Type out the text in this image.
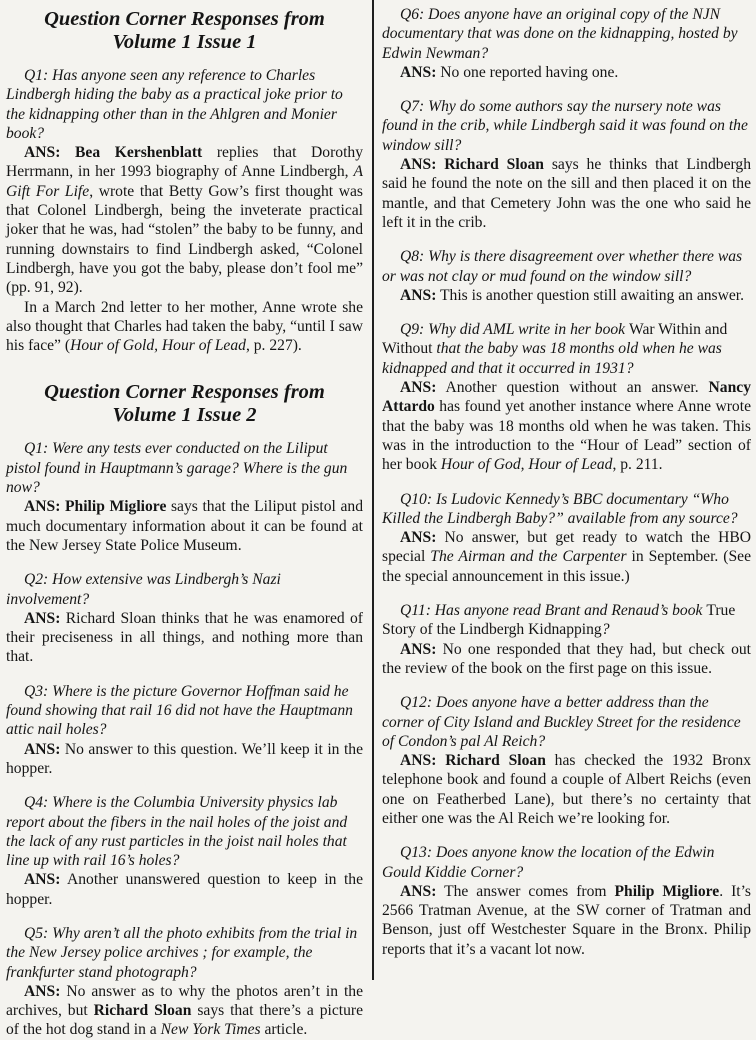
Question Corner Responses from
Volume 1 Issue 1

Q1: Has anyone seen any reference to Charles Lindbergh hiding the baby as a practical joke prior to the kidnapping other than in the Ahlgren and Monier book?

ANS: Bea Kershenblatt replies that Dorothy Herrmann, in her 1993 biography of Anne Lindbergh, A Gift For Life, wrote that Betty Gow’s first thought was that Colonel Lindbergh, being the inveterate practical joker that he was, had “stolen” the baby to be funny, and running downstairs to find Lindbergh asked, “Colonel Lindbergh, have you got the baby, please don’t fool me” (pp. 91, 92).

In a March 2nd letter to her mother, Anne wrote she also thought that Charles had taken the baby, “until I saw his face” (Hour of Gold, Hour of Lead, p. 227).

Question Corner Responses from
Volume 1 Issue 2

Q1: Were any tests ever conducted on the Liliput pistol found in Hauptmann’s garage? Where is the gun now?

ANS: Philip Migliore says that the Liliput pistol and much documentary information about it can be found at the New Jersey State Police Museum.

Q2: How extensive was Lindbergh’s Nazi involvement?

ANS: Richard Sloan thinks that he was enamored of their preciseness in all things, and nothing more than that.

Q3: Where is the picture Governor Hoffman said he found showing that rail 16 did not have the Hauptmann attic nail holes?

ANS: No answer to this question. We’ll keep it in the hopper.

Q4: Where is the Columbia University physics lab report about the fibers in the nail holes of the joist and the lack of any rust particles in the joist nail holes that line up with rail 16’s holes?

ANS: Another unanswered question to keep in the hopper.

Q5: Why aren’t all the photo exhibits from the trial in the New Jersey police archives ; for example, the frankfurter stand photograph?

ANS: No answer as to why the photos aren’t in the archives, but Richard Sloan says that there’s a picture of the hot dog stand in a New York Times article.

Q6: Does anyone have an original copy of the NJN documentary that was done on the kidnapping, hosted by Edwin Newman?

ANS: No one reported having one.

Q7: Why do some authors say the nursery note was found in the crib, while Lindbergh said it was found on the window sill?

ANS: Richard Sloan says he thinks that Lindbergh said he found the note on the sill and then placed it on the mantle, and that Cemetery John was the one who said he left it in the crib.

Q8: Why is there disagreement over whether there was or was not clay or mud found on the window sill?

ANS: This is another question still awaiting an answer.

Q9: Why did AML write in her book War Within and Without that the baby was 18 months old when he was kidnapped and that it occurred in 1931?

ANS: Another question without an answer. Nancy Attardo has found yet another instance where Anne wrote that the baby was 18 months old when he was taken. This was in the introduction to the “Hour of Lead” section of her book Hour of God, Hour of Lead, p. 211.

Q10: Is Ludovic Kennedy’s BBC documentary “Who Killed the Lindbergh Baby?” available from any source?

ANS: No answer, but get ready to watch the HBO special The Airman and the Carpenter in September. (See the special announcement in this issue.)

Q11: Has anyone read Brant and Renaud’s book True Story of the Lindbergh Kidnapping?

ANS: No one responded that they had, but check out the review of the book on the first page on this issue.

Q12: Does anyone have a better address than the corner of City Island and Buckley Street for the residence of Condon’s pal Al Reich?

ANS: Richard Sloan has checked the 1932 Bronx telephone book and found a couple of Albert Reichs (even one on Featherbed Lane), but there’s no certainty that either one was the Al Reich we’re looking for.

Q13: Does anyone know the location of the Edwin Gould Kiddie Corner?

ANS: The answer comes from Philip Migliore. It’s 2566 Tratman Avenue, at the SW corner of Tratman and Benson, just off Westchester Square in the Bronx. Philip reports that it’s a vacant lot now.
